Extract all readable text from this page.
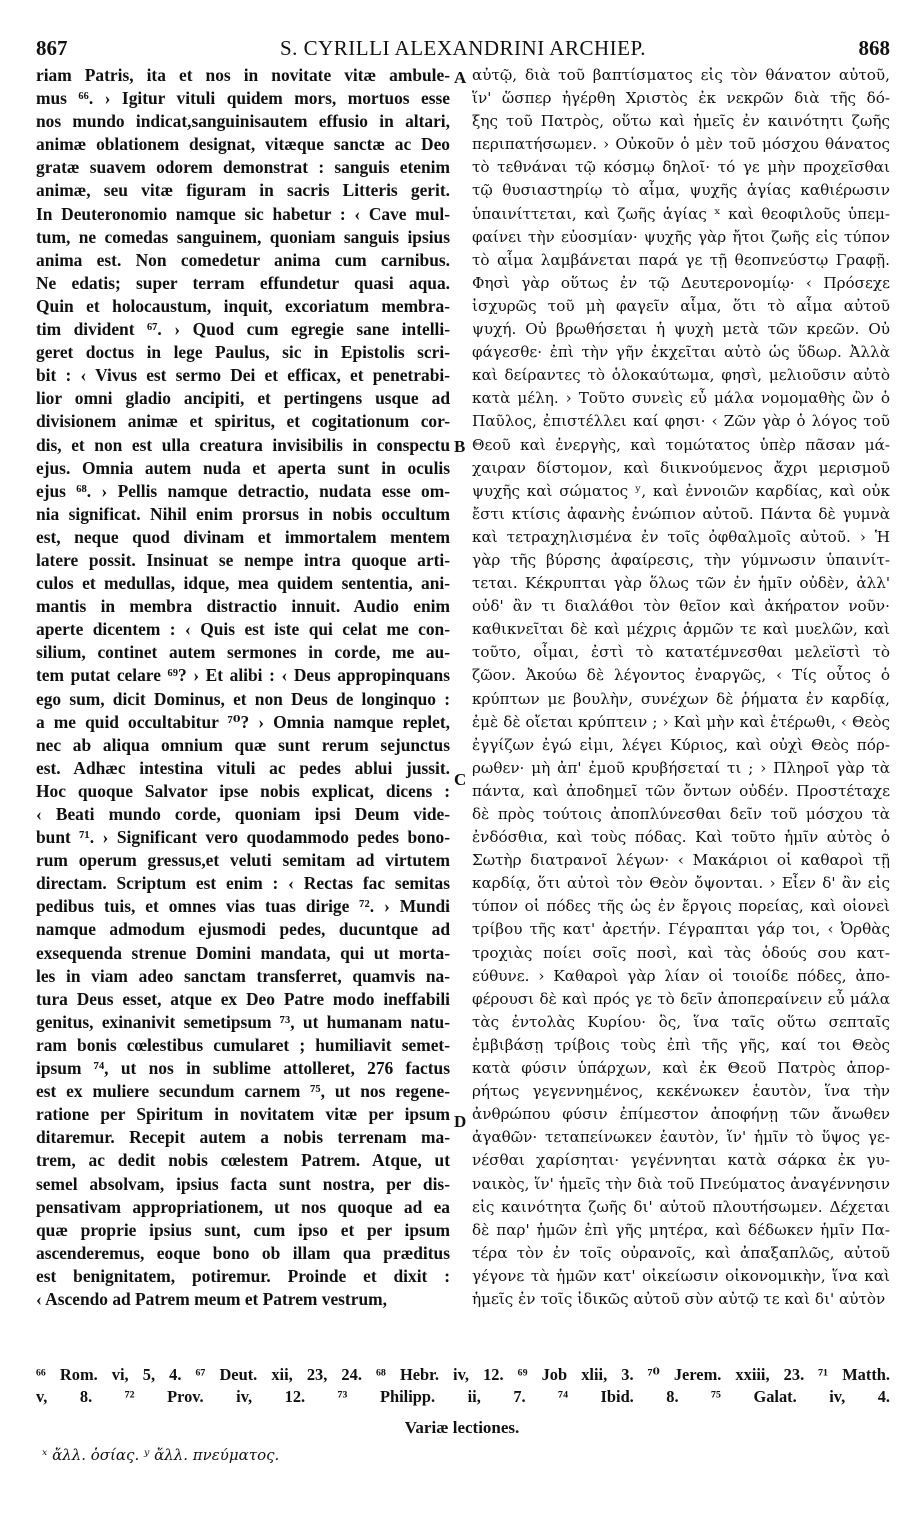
867	S. CYRILLI ALEXANDRINI ARCHIEP.	868
riam Patris, ita et nos in novitate vitæ ambule-
mus ⁶⁶. › Igitur vituli quidem mors, mortuos esse
nos mundo indicat,sanguinisautem effusio in altari,
animæ oblationem designat, vitæque sanctæ ac Deo
gratæ suavem odorem demonstrat : sanguis etenim
animæ, seu vitæ figuram in sacris Litteris gerit.
In Deuteronomio namque sic habetur : ‹ Cave mul-
tum, ne comedas sanguinem, quoniam sanguis ipsius
anima est. Non comedetur anima cum carnibus.
Ne edatis; super terram effundetur quasi aqua.
Quin et holocaustum, inquit, excoriatum membra-
tim divident ⁶⁷. › Quod cum egregie sane intelli-
geret doctus in lege Paulus, sic in Epistolis scri-
bit : ‹ Vivus est sermo Dei et efficax, et penetrabi-
lior omni gladio ancipiti, et pertingens usque ad
divisionem animæ et spiritus, et cogitationum cor-
dis, et non est ulla creatura invisibilis in conspectu
ejus. Omnia autem nuda et aperta sunt in oculis
ejus ⁶⁸. › Pellis namque detractio, nudata esse om-
nia significat. Nihil enim prorsus in nobis occultum
est, neque quod divinam et immortalem mentem
latere possit. Insinuat se nempe intra quoque arti-
culos et medullas, idque, mea quidem sententia, ani-
mantis in membra distractio innuit. Audio enim
aperte dicentem : ‹ Quis est iste qui celat me con-
silium, continet autem sermones in corde, me au-
tem putat celare ⁶⁹? › Et alibi : ‹ Deus appropinquans
ego sum, dicit Dominus, et non Deus de longinquo :
a me quid occultabitur ⁷⁰? › Omnia namque replet,
nec ab aliqua omnium quæ sunt rerum sejunctus
est. Adhæc intestina vituli ac pedes ablui jussit.
Hoc quoque Salvator ipse nobis explicat, dicens :
‹ Beati mundo corde, quoniam ipsi Deum vide-
bunt ⁷¹. › Significant vero quodammodo pedes bono-
rum operum gressus,et veluti semitam ad virtutem
directam. Scriptum est enim : ‹ Rectas fac semitas
pedibus tuis, et omnes vias tuas dirige ⁷². › Mundi
namque admodum ejusmodi pedes, ducuntque ad
exsequenda strenue Domini mandata, qui ut morta-
les in viam adeo sanctam transferret, quamvis na-
tura Deus esset, atque ex Deo Patre modo ineffabili
genitus, exinanivit semetipsum ⁷³, ut humanam natu-
ram bonis cœlestibus cumularet ; humiliavit semet-
ipsum ⁷⁴, ut nos in sublime attolleret, 276 factus
est ex muliere secundum carnem ⁷⁵, ut nos regene-
ratione per Spiritum in novitatem vitæ per ipsum
ditaremur. Recepit autem a nobis terrenam ma-
trem, ac dedit nobis cœlestem Patrem. Atque, ut
semel absolvam, ipsius facta sunt nostra, per dis-
pensativam appropriationem, ut nos quoque ad ea
quæ proprie ipsius sunt, cum ipso et per ipsum
ascenderemus, eoque bono ob illam qua præditus
est benignitatem, potiremur. Proinde et dixit :
‹ Ascendo ad Patrem meum et Patrem vestrum,
A
B
C
D
αὐτῷ, διὰ τοῦ βαπτίσματος εἰς τὸν θάνατον αὐτοῦ,
ἵν' ὥσπερ ἠγέρθη Χριστὸς ἐκ νεκρῶν διὰ τῆς δό-
ξης τοῦ Πατρὸς, οὕτω καὶ ἡμεῖς ἐν καινότητι ζωῆς
περιπατήσωμεν. › Οὐκοῦν ὁ μὲν τοῦ μόσχου θάνατος
τὸ τεθνάναι τῷ κόσμῳ δηλοῖ· τό γε μὴν προχεῖσθαι
τῷ θυσιαστηρίῳ τὸ αἷμα, ψυχῆς ἁγίας καθιέρωσιν
ὑπαινίττεται, καὶ ζωῆς ἁγίας ˣ καὶ θεοφιλοῦς ὑπεμ-
φαίνει τὴν εὐοσμίαν· ψυχῆς γὰρ ἤτοι ζωῆς εἰς τύπον
τὸ αἷμα λαμβάνεται παρά γε τῇ θεοπνεύστῳ Γραφῇ.
Φησὶ γὰρ οὕτως ἐν τῷ Δευτερονομίῳ· ‹ Πρόσεχε
ἰσχυρῶς τοῦ μὴ φαγεῖν αἷμα, ὅτι τὸ αἷμα αὐτοῦ
ψυχή. Οὐ βρωθήσεται ἡ ψυχὴ μετὰ τῶν κρεῶν. Οὐ
φάγεσθε· ἐπὶ τὴν γῆν ἐκχεῖται αὐτὸ ὡς ὕδωρ. Ἀλλὰ
καὶ δείραντες τὸ ὁλοκαύτωμα, φησὶ, μελιοῦσιν αὐτὸ
κατὰ μέλη. › Τοῦτο συνεὶς εὖ μάλα νομομαθὴς ὢν ὁ
Παῦλος, ἐπιστέλλει καί φησι· ‹ Ζῶν γὰρ ὁ λόγος τοῦ
Θεοῦ καὶ ἐνεργὴς, καὶ τομώτατος ὑπὲρ πᾶσαν μά-
χαιραν δίστομον, καὶ διικνούμενος ἄχρι μερισμοῦ
ψυχῆς καὶ σώματος ʸ, καὶ ἐννοιῶν καρδίας, καὶ οὐκ
ἔστι κτίσις ἀφανὴς ἐνώπιον αὐτοῦ. Πάντα δὲ γυμνὰ
καὶ τετραχηλισμένα ἐν τοῖς ὀφθαλμοῖς αὐτοῦ. › Ἡ
γὰρ τῆς βύρσης ἀφαίρεσις, τὴν γύμνωσιν ὑπαινίτ-
τεται. Κέκρυπται γὰρ ὅλως τῶν ἐν ἡμῖν οὐδὲν, ἀλλ'
οὐδ' ἂν τι διαλάθοι τὸν θεῖον καὶ ἀκήρατον νοῦν·
καθικνεῖται δὲ καὶ μέχρις ἁρμῶν τε καὶ μυελῶν, καὶ
τοῦτο, οἶμαι, ἐστὶ τὸ κατατέμνεσθαι μελεϊστὶ τὸ
ζῶον. Ἀκούω δὲ λέγοντος ἐναργῶς, ‹ Τίς οὗτος ὁ
κρύπτων με βουλὴν, συνέχων δὲ ῥήματα ἐν καρδίᾳ,
ἐμὲ δὲ οἴεται κρύπτειν ; › Καὶ μὴν καὶ ἑτέρωθι, ‹ Θεὸς
ἐγγίζων ἐγώ εἰμι, λέγει Κύριος, καὶ οὐχὶ Θεὸς πόρ-
ρωθεν· μὴ ἀπ' ἐμοῦ κρυβήσεταί τι ; › Πληροῖ γὰρ τὰ
πάντα, καὶ ἀποδημεῖ τῶν ὄντων οὐδέν. Προστέταχε
δὲ πρὸς τούτοις ἀποπλύνεσθαι δεῖν τοῦ μόσχου τὰ
ἐνδόσθια, καὶ τοὺς πόδας. Καὶ τοῦτο ἡμῖν αὐτὸς ὁ
Σωτὴρ διατρανοῖ λέγων· ‹ Μακάριοι οἱ καθαροὶ τῇ
καρδίᾳ, ὅτι αὐτοὶ τὸν Θεὸν ὄψονται. › Εἶεν δ' ἂν εἰς
τύπον οἱ πόδες τῆς ὡς ἐν ἔργοις πορείας, καὶ οἱονεὶ
τρίβου τῆς κατ' ἀρετήν. Γέγραπται γάρ τοι, ‹ Ὀρθὰς
τροχιὰς ποίει σοῖς ποσὶ, καὶ τὰς ὁδούς σου κατ-
εύθυνε. › Καθαροὶ γὰρ λίαν οἱ τοιοίδε πόδες, ἀπο-
φέρουσι δὲ καὶ πρός γε τὸ δεῖν ἀποπεραίνειν εὖ μάλα
τὰς ἐντολὰς Κυρίου· ὃς, ἵνα ταῖς οὕτω σεπταῖς
ἐμβιβάσῃ τρίβοις τοὺς ἐπὶ τῆς γῆς, καί τοι Θεὸς
κατὰ φύσιν ὑπάρχων, καὶ ἐκ Θεοῦ Πατρὸς ἀπορ-
ρήτως γεγεννημένος, κεκένωκεν ἑαυτὸν, ἵνα τὴν
ἀνθρώπου φύσιν ἐπίμεστον ἀποφήνῃ τῶν ἄνωθεν
ἀγαθῶν· τεταπείνωκεν ἑαυτὸν, ἵν' ἡμῖν τὸ ὕψος γε-
νέσθαι χαρίσηται· γεγέννηται κατὰ σάρκα ἐκ γυ-
ναικὸς, ἵν' ἡμεῖς τὴν διὰ τοῦ Πνεύματος ἀναγέννησιν
εἰς καινότητα ζωῆς δι' αὐτοῦ πλουτήσωμεν. Δέχεται
δὲ παρ' ἡμῶν ἐπὶ γῆς μητέρα, καὶ δέδωκεν ἡμῖν Πα-
τέρα τὸν ἐν τοῖς οὐρανοῖς, καὶ ἀπαξαπλῶς, αὐτοῦ
γέγονε τὰ ἡμῶν κατ' οἰκείωσιν οἰκονομικὴν, ἵνα καὶ
ἡμεῖς ἐν τοῖς ἰδικῶς αὐτοῦ σὺν αὐτῷ τε καὶ δι' αὐτὸν
⁶⁶ Rom. vi, 5, 4. ⁶⁷ Deut. xii, 23, 24. ⁶⁸ Hebr. iv, 12. ⁶⁹ Job xlii, 3. ⁷⁰ Jerem. xxiii, 23. ⁷¹ Matth.
v, 8. ⁷² Prov. iv, 12. ⁷³ Philipp. ii, 7. ⁷⁴ Ibid. 8. ⁷⁵ Galat. iv, 4.
Variæ lectiones.
ˣ ἄλλ. ὁσίας. ʸ ἄλλ. πνεύματος.
